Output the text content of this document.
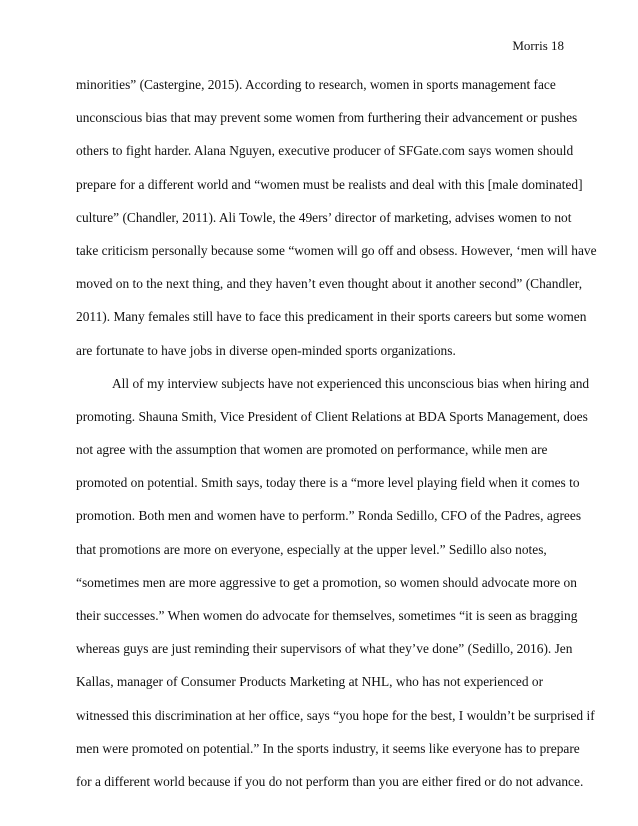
Morris 18
minorities” (Castergine, 2015). According to research, women in sports management face
unconscious bias that may prevent some women from furthering their advancement or pushes
others to fight harder. Alana Nguyen, executive producer of SFGate.com says women should
prepare for a different world and “women must be realists and deal with this [male dominated]
culture” (Chandler, 2011). Ali Towle, the 49ers’ director of marketing, advises women to not
take criticism personally because some “women will go off and obsess. However, ‘men will have
moved on to the next thing, and they haven’t even thought about it another second” (Chandler,
2011). Many females still have to face this predicament in their sports careers but some women
are fortunate to have jobs in diverse open-minded sports organizations.
All of my interview subjects have not experienced this unconscious bias when hiring and
promoting. Shauna Smith, Vice President of Client Relations at BDA Sports Management, does
not agree with the assumption that women are promoted on performance, while men are
promoted on potential. Smith says, today there is a “more level playing field when it comes to
promotion. Both men and women have to perform.” Ronda Sedillo, CFO of the Padres, agrees
that promotions are more on everyone, especially at the upper level.” Sedillo also notes,
“sometimes men are more aggressive to get a promotion, so women should advocate more on
their successes.” When women do advocate for themselves, sometimes “it is seen as bragging
whereas guys are just reminding their supervisors of what they’ve done” (Sedillo, 2016). Jen
Kallas, manager of Consumer Products Marketing at NHL, who has not experienced or
witnessed this discrimination at her office, says “you hope for the best, I wouldn’t be surprised if
men were promoted on potential.” In the sports industry, it seems like everyone has to prepare
for a different world because if you do not perform than you are either fired or do not advance.
